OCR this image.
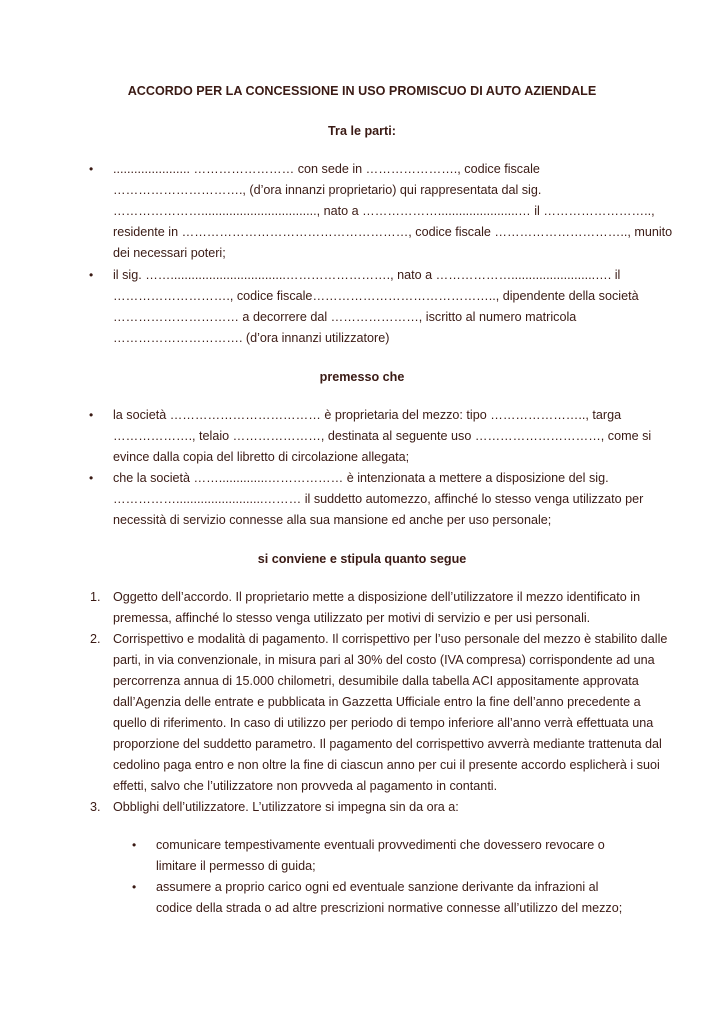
ACCORDO PER LA CONCESSIONE IN USO PROMISCUO DI AUTO AZIENDALE
Tra le parti:
• ...................... …………………… con sede in …………………., codice fiscale
…………………………., (d’ora innanzi proprietario) qui rappresentata dal sig.
…………………................................., nato a ……………….......................… il ……………………..,
residente in ………………………………………………, codice fiscale ………………………….., munito
dei necessari poteri;
• il sig. …….................................……………………., nato a ………………........................…. il
………………………., codice fiscale…………………………………….., dipendente della società
………………………… a decorrere dal …………………, iscritto al numero matricola
…………………………. (d’ora innanzi utilizzatore)
premesso che
• la società ……………………………… è proprietaria del mezzo: tipo ………………….., targa
………………., telaio …………………, destinata al seguente uso …………………………, come si
evince dalla copia del libretto di circolazione allegata;
• che la società ……..............……………… è intenzionata a mettere a disposizione del sig.
…………….........................……… il suddetto automezzo, affinché lo stesso venga utilizzato per
necessità di servizio connesse alla sua mansione ed anche per uso personale;
si conviene e stipula quanto segue
1. Oggetto dell’accordo. Il proprietario mette a disposizione dell’utilizzatore il mezzo identificato in
premessa, affinché lo stesso venga utilizzato per motivi di servizio e per usi personali.
2. Corrispettivo e modalità di pagamento. Il corrispettivo per l’uso personale del mezzo è stabilito dalle
parti, in via convenzionale, in misura pari al 30% del costo (IVA compresa) corrispondente ad una
percorrenza annua di 15.000 chilometri, desumibile dalla tabella ACI appositamente approvata
dall’Agenzia delle entrate e pubblicata in Gazzetta Ufficiale entro la fine dell’anno precedente a
quello di riferimento. In caso di utilizzo per periodo di tempo inferiore all’anno verrà effettuata una
proporzione del suddetto parametro. Il pagamento del corrispettivo avverrà mediante trattenuta dal
cedolino paga entro e non oltre la fine di ciascun anno per cui il presente accordo esplicherà i suoi
effetti, salvo che l’utilizzatore non provveda al pagamento in contanti.
3. Obblighi dell’utilizzatore. L’utilizzatore si impegna sin da ora a:
• comunicare tempestivamente eventuali provvedimenti che dovessero revocare o
limitare il permesso di guida;
• assumere a proprio carico ogni ed eventuale sanzione derivante da infrazioni al
codice della strada o ad altre prescrizioni normative connesse all’utilizzo del mezzo;
